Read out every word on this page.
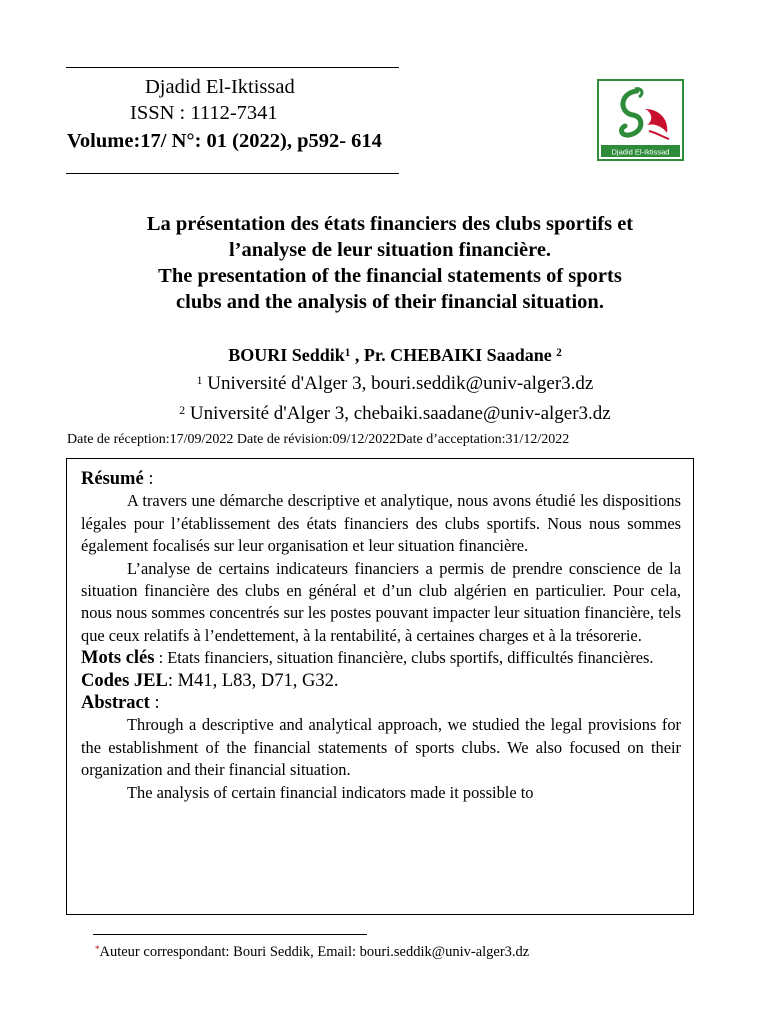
Djadid El-Iktissad
ISSN : 1112-7341
Volume:17/ N°: 01 (2022), p592- 614	Djadid El-Iktissad
La présentation des états financiers des clubs sportifs et
l’analyse de leur situation financière.
The presentation of the financial statements of sports
clubs and the analysis of their financial situation.
BOURI Seddik$^1$ , Pr. CHEBAIKI Saadane $^2$
$^1$ Université d'Alger 3, bouri.seddik@univ-alger3.dz
$^2$ Université d'Alger 3, chebaiki.saadane@univ-alger3.dz
Date de réception:17/09/2022 Date de révision:09/12/2022Date d’acceptation:31/12/2022

Résumé :

A travers une démarche descriptive et analytique, nous avons étudié les dispositions légales pour l’établissement des états financiers des clubs sportifs. Nous nous sommes également focalisés sur leur organisation et leur situation financière.

L’analyse de certains indicateurs financiers a permis de prendre conscience de la situation financière des clubs en général et d’un club algérien en particulier. Pour cela, nous nous sommes concentrés sur les postes pouvant impacter leur situation financière, tels que ceux relatifs à l’endettement, à la rentabilité, à certaines charges et à la trésorerie.

Mots clés : Etats financiers, situation financière, clubs sportifs, difficultés financières.

Codes JEL: M41, L83, D71, G32.

Abstract :

Through a descriptive and analytical approach, we studied the legal provisions for the establishment of the financial statements of sports clubs. We also focused on their organization and their financial situation.

The analysis of certain financial indicators made it possible to

*Auteur correspondant: Bouri Seddik, Email: bouri.seddik@univ-alger3.dz
